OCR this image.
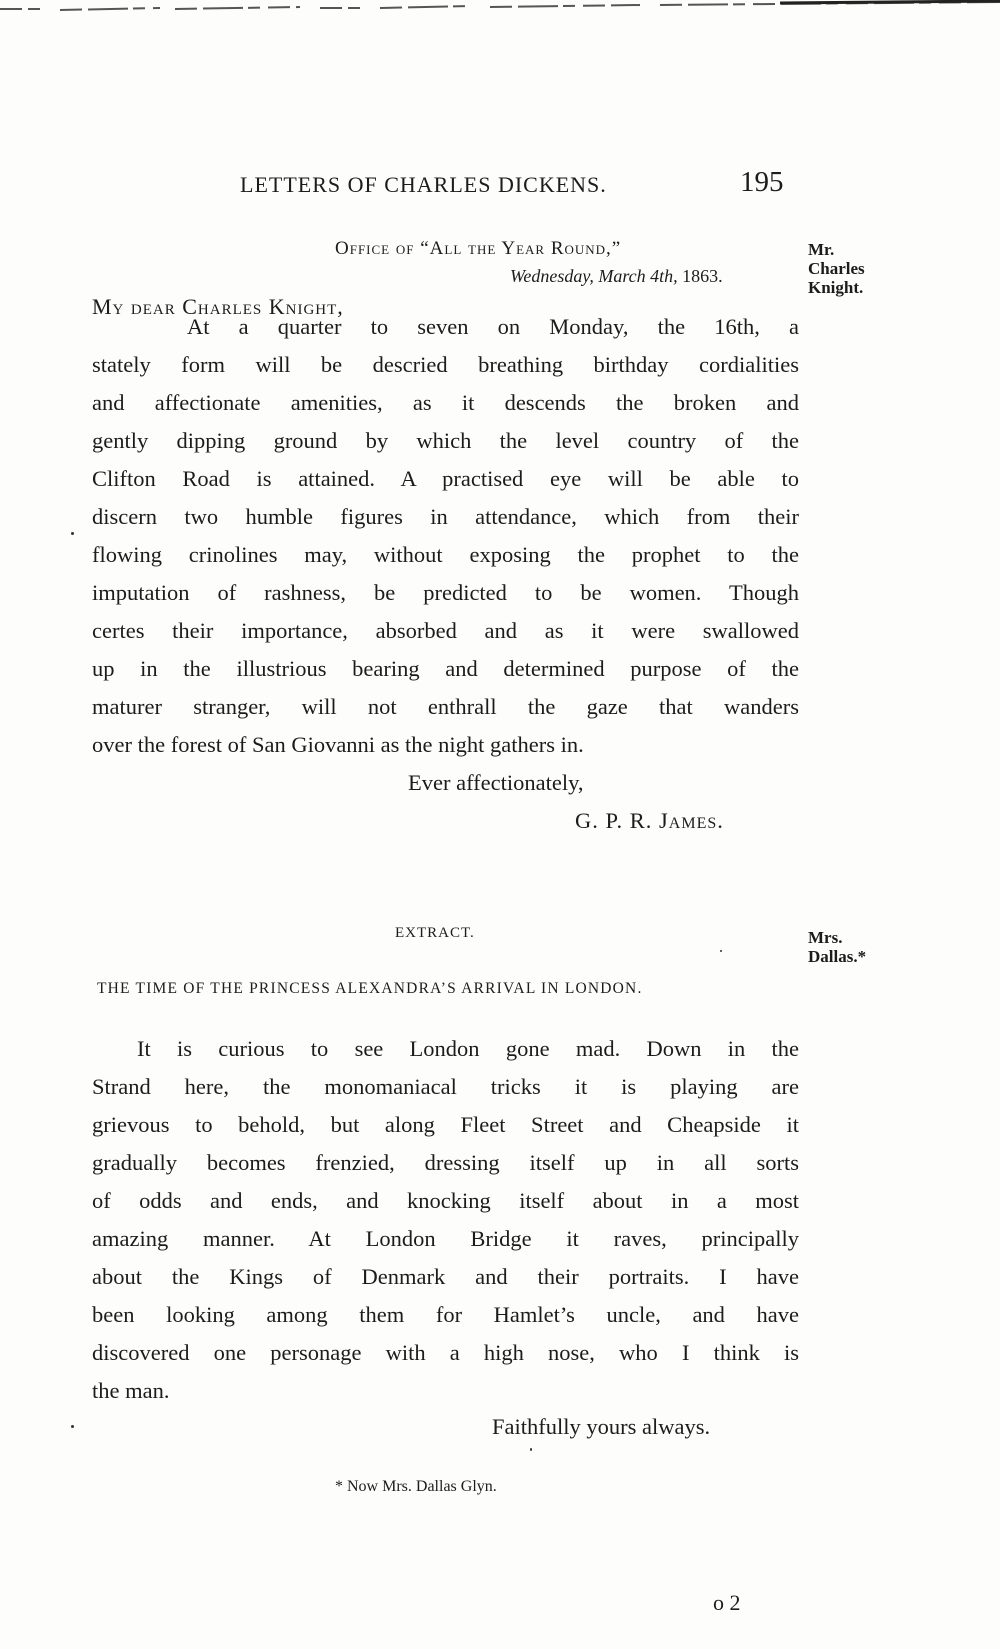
LETTERS OF CHARLES DICKENS.	195
Office of “All the Year Round,”
Wednesday, March 4th, 1863.
Mr.
Charles
Knight.
My dear Charles Knight,

At a quarter to seven on Monday, the 16th, a

stately form will be descried breathing birthday cordialities

and affectionate amenities, as it descends the broken and

gently dipping ground by which the level country of the

Clifton Road is attained. A practised eye will be able to

discern two humble figures in attendance, which from their

flowing crinolines may, without exposing the prophet to the

imputation of rashness, be predicted to be women. Though

certes their importance, absorbed and as it were swallowed

up in the illustrious bearing and determined purpose of the

maturer stranger, will not enthrall the gaze that wanders

over the forest of San Giovanni as the night gathers in.

Ever affectionately,
G. P. R. James.
EXTRACT.	Mrs.
Dallas.*
THE TIME OF THE PRINCESS ALEXANDRA’S ARRIVAL IN LONDON.

It is curious to see London gone mad. Down in the

Strand here, the monomaniacal tricks it is playing are

grievous to behold, but along Fleet Street and Cheapside it

gradually becomes frenzied, dressing itself up in all sorts

of odds and ends, and knocking itself about in a most

amazing manner. At London Bridge it raves, principally

about the Kings of Denmark and their portraits. I have

been looking among them for Hamlet’s uncle, and have

discovered one personage with a high nose, who I think is

the man.

Faithfully yours always.
* Now Mrs. Dallas Glyn.
o 2
